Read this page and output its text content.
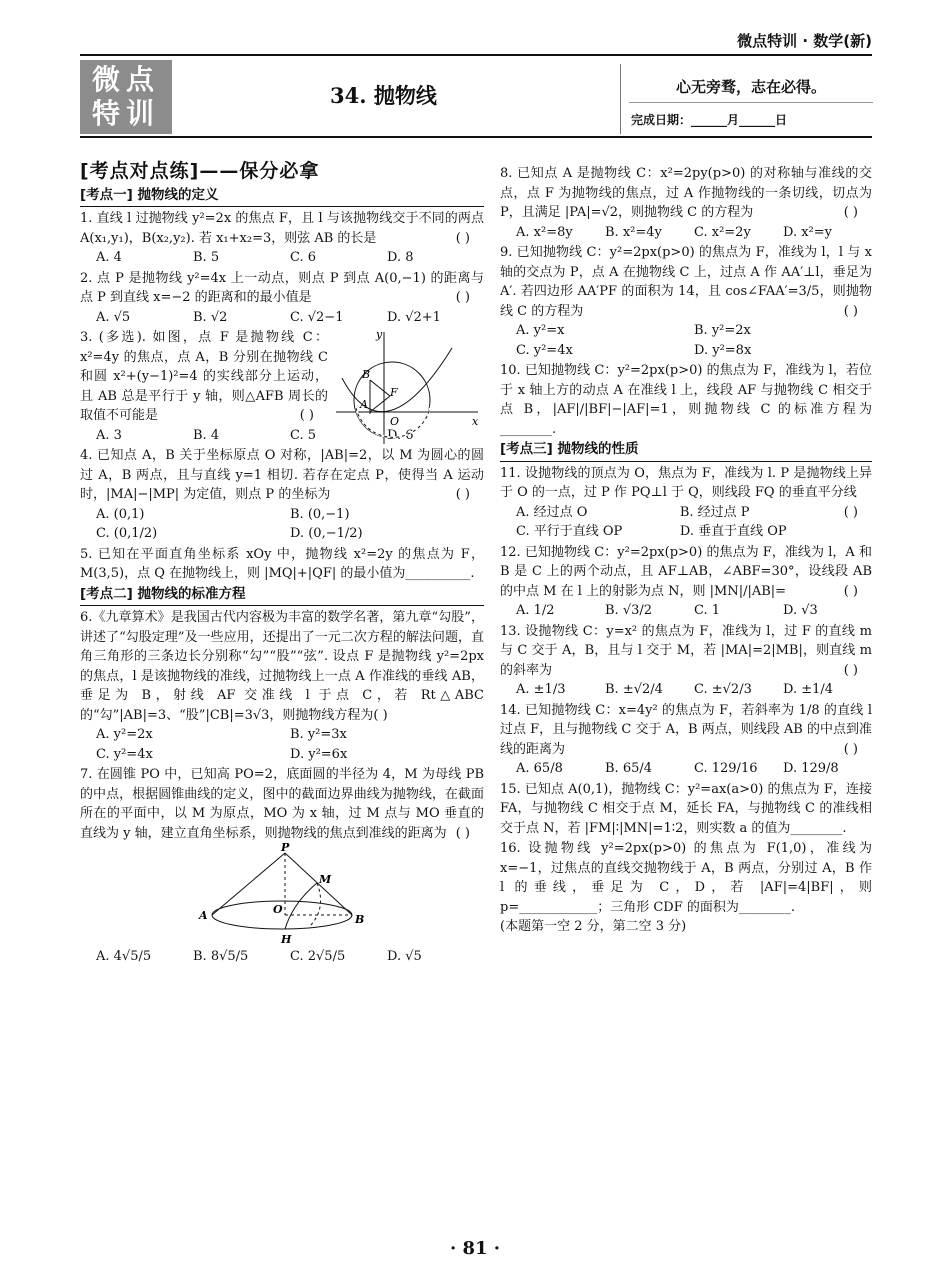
微点特训 · 数学(新)
微点
特训
34. 抛物线	心无旁骛，志在必得。
完成日期：______月______日
[考点对点练]——保分必拿
[考点一] 抛物线的定义
1. 直线 l 过抛物线 y²=2x 的焦点 F，且 l 与该抛物线交于不同的两点 A(x₁,y₁)，B(x₂,y₂). 若 x₁+x₂=3，则弦 AB 的长是	( )
A. 4	B. 5	C. 6	D. 8
2. 点 P 是抛物线 y²=4x 上一动点，则点 P 到点 A(0,−1) 的距离与点 P 到直线 x=−2 的距离和的最小值是	( )
A. √5	B. √2	C. √2−1	D. √2+1
3. (多选). 如图，点 F 是抛物线 C：x²=4y 的焦点，点 A，B 分别在抛物线 C 和圆 x²+(y−1)²=4 的实线部分上运动，且 AB 总是平行于 y 轴，则△AFB 周长的取值不可能是	( )
y
B
A
F
O	x
A. 3	B. 4	C. 5	D. 6
4. 已知点 A，B 关于坐标原点 O 对称，|AB|=2，以 M 为圆心的圆过 A，B 两点，且与直线 y=1 相切. 若存在定点 P，使得当 A 运动时，|MA|−|MP| 为定值，则点 P 的坐标为	( )
A. (0,1)	B. (0,−1)
C. (0,1/2)	D. (0,−1/2)
5. 已知在平面直角坐标系 xOy 中，抛物线 x²=2y 的焦点为 F，M(3,5)，点 Q 在抛物线上，则 |MQ|+|QF| 的最小值为__________.
[考点二] 抛物线的标准方程
6.《九章算术》是我国古代内容极为丰富的数学名著，第九章“勾股”，讲述了“勾股定理”及一些应用，还提出了一元二次方程的解法问题，直角三角形的三条边长分别称“勾”“股”“弦”. 设点 F 是抛物线 y²=2px 的焦点，l 是该抛物线的准线，过抛物线上一点 A 作准线的垂线 AB，垂足为 B，射线 AF 交准线 l 于点 C，若 Rt△ABC 的“勾”|AB|=3、“股”|CB|=3√3，则抛物线方程为( )
A. y²=2x	B. y²=3x
C. y²=4x	D. y²=6x
7. 在圆锥 PO 中，已知高 PO=2，底面圆的半径为 4，M 为母线 PB 的中点，根据圆锥曲线的定义，图中的截面边界曲线为抛物线，在截面所在的平面中，以 M 为原点，MO 为 x 轴，过 M 点与 MO 垂直的直线为 y 轴，建立直角坐标系，则抛物线的焦点到准线的距离为 ( )
P
M
A	O
B
H
A. 4√5/5	B. 8√5/5	C. 2√5/5	D. √5
8. 已知点 A 是抛物线 C：x²=2py(p>0) 的对称轴与准线的交点，点 F 为抛物线的焦点，过 A 作抛物线的一条切线，切点为 P，且满足 |PA|=√2，则抛物线 C 的方程为	( )
A. x²=8y	B. x²=4y	C. x²=2y	D. x²=y
9. 已知抛物线 C：y²=2px(p>0) 的焦点为 F，准线为 l，l 与 x 轴的交点为 P，点 A 在抛物线 C 上，过点 A 作 AA′⊥l，垂足为 A′. 若四边形 AA′PF 的面积为 14，且 cos∠FAA′=3/5，则抛物线 C 的方程为	( )
A. y²=x	B. y²=2x
C. y²=4x	D. y²=8x
10. 已知抛物线 C：y²=2px(p>0) 的焦点为 F，准线为 l，若位于 x 轴上方的动点 A 在准线 l 上，线段 AF 与抛物线 C 相交于点 B，|AF|/|BF|−|AF|=1，则抛物线 C 的标准方程为________.
[考点三] 抛物线的性质
11. 设抛物线的顶点为 O，焦点为 F，准线为 l. P 是抛物线上异于 O 的一点，过 P 作 PQ⊥l 于 Q，则线段 FQ 的垂直平分线
( )
A. 经过点 O	B. 经过点 P
C. 平行于直线 OP	D. 垂直于直线 OP
12. 已知抛物线 C：y²=2px(p>0) 的焦点为 F，准线为 l，A 和 B 是 C 上的两个动点，且 AF⊥AB，∠ABF=30°，设线段 AB 的中点 M 在 l 上的射影为点 N，则 |MN|/|AB|=	( )
A. 1/2	B. √3/2	C. 1	D. √3
13. 设抛物线 C：y=x² 的焦点为 F，准线为 l，过 F 的直线 m 与 C 交于 A，B，且与 l 交于 M，若 |MA|=2|MB|，则直线 m 的斜率为	( )
A. ±1/3	B. ±√2/4	C. ±√2/3	D. ±1/4
14. 已知抛物线 C：x=4y² 的焦点为 F，若斜率为 1/8 的直线 l 过点 F，且与抛物线 C 交于 A，B 两点，则线段 AB 的中点到准线的距离为	( )
A. 65/8	B. 65/4	C. 129/16	D. 129/8
15. 已知点 A(0,1)，抛物线 C：y²=ax(a>0) 的焦点为 F，连接 FA，与抛物线 C 相交于点 M，延长 FA，与抛物线 C 的准线相交于点 N，若 |FM|∶|MN|=1∶2，则实数 a 的值为________.
16. 设抛物线 y²=2px(p>0) 的焦点为 F(1,0)，准线为 x=−1，过焦点的直线交抛物线于 A，B 两点，分别过 A，B 作 l 的垂线，垂足为 C，D，若 |AF|=4|BF|，则 p=____________；三角形 CDF 的面积为________.
(本题第一空 2 分，第二空 3 分)
· 81 ·
